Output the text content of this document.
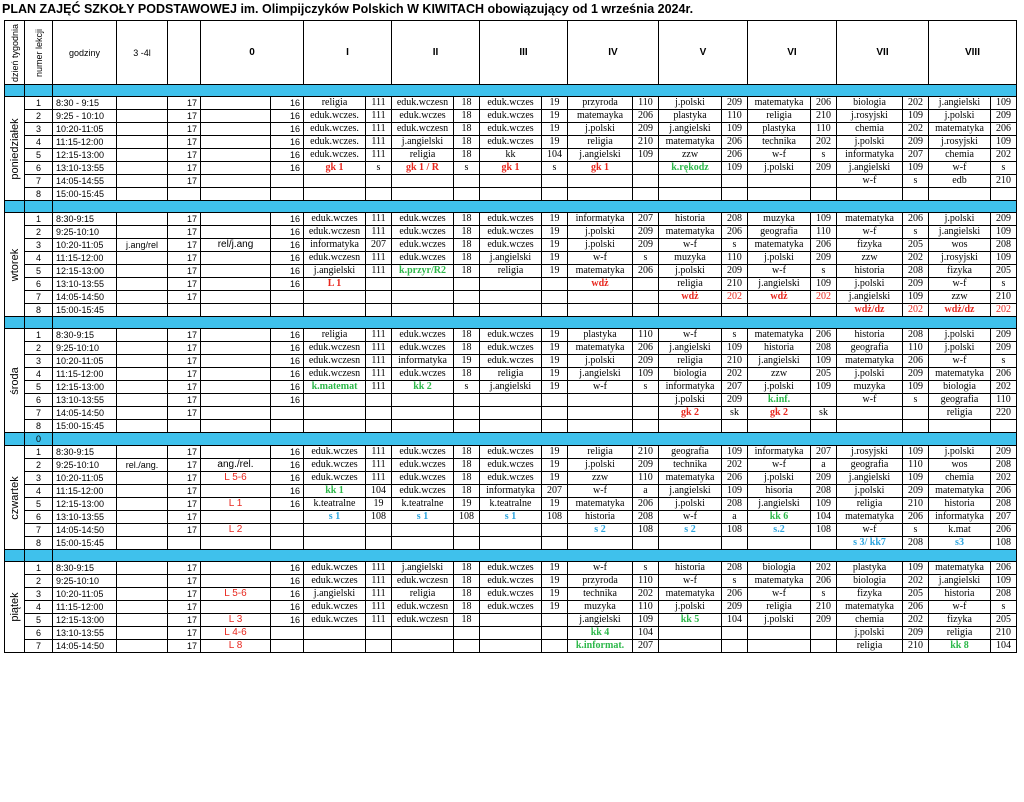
PLAN ZAJĘĆ SZKOŁY PODSTAWOWEJ im. Olimpijczyków Polskich W KIWITACH obowiązujący od 1 września 2024r.
dzień tygodnia	numer lekcji	godziny	3 -4l		0		I		II		III		IV		V		VI		VII		VIII	

poniedziałek	1	8:30 - 9:15		17		16	religia	111	eduk.wczesn	18	eduk.wczes	19	przyroda	110	j.polski	209	matematyka	206	biologia	202	j.angielski	109
	2	9:25 - 10:10		17		16	eduk.wczes.	111	eduk.wczes	18	eduk.wczes	19	matemayka	206	plastyka	110	religia	210	j.rosyjski	109	j.polski	209
	3	10:20-11:05		17		16	eduk.wczes.	111	eduk.wczesn	18	eduk.wczes	19	j.polski	209	j.angielski	109	plastyka	110	chemia	202	matematyka	206
	4	11:15-12:00		17		16	eduk.wczes.	111	j.angielski	18	eduk.wczes	19	religia	210	matematyka	206	technika	202	j.polski	209	j.rosyjski	109
	5	12:15-13:00		17		16	eduk.wczes.	111	religia	18	kk	104	j.angielski	109	zzw	206	w-f	s	informatyka	207	chemia	202
	6	13:10-13:55		17		16	gk 1	s	gk 1 / R	s	gk 1	s	gk 1		k.rękodz	109	j.polski	209	j.angielski	109	w-f	s
	7	14:05-14:55		17															w-f	s	edb	210
	8	15:00-15:45																				

wtorek	1	8:30-9:15		17		16	eduk.wczes	111	eduk.wczes	18	eduk.wczes	19	informatyka	207	historia	208	muzyka	109	matematyka	206	j.polski	209
	2	9:25-10:10		17		16	eduk.wczesn	111	eduk.wczes	18	eduk.wczes	19	j.polski	209	matematyka	206	geografia	110	w-f	s	j.angielski	109
	3	10:20-11:05	j.ang/rel	17	rel/j.ang	16	informatyka	207	eduk.wczes	18	eduk.wczes	19	j.polski	209	w-f	s	matematyka	206	fizyka	205	wos	208
	4	11:15-12:00		17		16	eduk.wczesn	111	eduk.wczes	18	j.angielski	19	w-f	s	muzyka	110	j.polski	209	zzw	202	j.rosyjski	109
	5	12:15-13:00		17		16	j.angielski	111	k.przyr/R2	18	religia	19	matematyka	206	j.polski	209	w-f	s	historia	208	fizyka	205
	6	13:10-13:55		17		16	L 1						wdż		religia	210	j.angielski	109	j.polski	209	w-f	s
	7	14:05-14:50		17											wdż	202	wdż	202	j.angielski	109	zzw	210
	8	15:00-15:45																	wdż/dz	202	wdż/dz	202

środa	1	8:30-9:15		17		16	religia	111	eduk.wczes	18	eduk.wczes	19	plastyka	110	w-f	s	matematyka	206	historia	208	j.polski	209
	2	9:25-10:10		17		16	eduk.wczesn	111	eduk.wczes	18	eduk.wczes	19	matematyka	206	j.angielski	109	historia	208	geografia	110	j.polski	209
	3	10:20-11:05		17		16	eduk.wczesn	111	informatyka	19	eduk.wczes	19	j.polski	209	religia	210	j.angielski	109	matematyka	206	w-f	s
	4	11:15-12:00		17		16	eduk.wczesn	111	eduk.wczes	18	religia	19	j.angielski	109	biologia	202	zzw	205	j.polski	209	matematyka	206
	5	12:15-13:00		17		16	k.matemat	111	kk 2	s	j.angielski	19	w-f	s	informatyka	207	j.polski	109	muzyka	109	biologia	202
	6	13:10-13:55		17		16									j.polski	209	k.inf.		w-f	s	geografia	110
	7	14:05-14:50		17											gk 2	sk	gk 2	sk			religia	220
	8	15:00-15:45																				
	0																					

czwartek	1	8:30-9:15		17		16	eduk.wczes	111	eduk.wczes	18	eduk.wczes	19	religia	210	geografia	109	informatyka	207	j.rosyjski	109	j.polski	209
	2	9:25-10:10	rel./ang.	17	ang./rel.	16	eduk.wczes	111	eduk.wczes	18	eduk.wczes	19	j.polski	209	technika	202	w-f	a	geografia	110	wos	208
	3	10:20-11:05		17	L 5-6	16	eduk.wczes	111	eduk.wczes	18	eduk.wczes	19	zzw	110	matematyka	206	j.polski	209	j.angielski	109	chemia	202
	4	11:15-12:00		17		16	kk 1	104	eduk.wczes	18	informatyka	207	w-f	a	j.angielski	109	hisoria	208	j.polski	209	matematyka	206
	5	12:15-13:00		17	L 1	16	k.teatralne	19	k.teatralne	19	k.teatralne	19	matematyka	206	j.polski	208	j.angielski	109	religia	210	historia	208
	6	13:10-13:55		17			s 1	108	s 1	108	s 1	108	historia	208	w-f	a	kk 6	104	matematyka	206	informatyka	207
	7	14:05-14:50		17	L 2								s 2	108	s 2	108	s.2	108	w-f	s	k.mat	206
	8	15:00-15:45																	s 3/ kk7	208	s3	108

piątek	1	8:30-9:15		17		16	eduk.wczes	111	j.angielski	18	eduk.wczes	19	w-f	s	historia	208	biologia	202	plastyka	109	matematyka	206
	2	9:25-10:10		17		16	eduk.wczes	111	eduk.wczesn	18	eduk.wczes	19	przyroda	110	w-f	s	matematyka	206	biologia	202	j.angielski	109
	3	10:20-11:05		17	L 5-6	16	j.angielski	111	religia	18	eduk.wczes	19	technika	202	matematyka	206	w-f	s	fizyka	205	historia	208
	4	11:15-12:00		17		16	eduk.wczes	111	eduk.wczesn	18	eduk.wczes	19	muzyka	110	j.polski	209	religia	210	matematyka	206	w-f	s
	5	12:15-13:00		17	L 3	16	eduk.wczes	111	eduk.wczesn	18			j.angielski	109	kk 5	104	j.polski	209	chemia	202	fizyka	205
	6	13:10-13:55		17	L 4-6								kk 4	104					j.polski	209	religia	210
	7	14:05-14:50		17	L 8								k.informat.	207					religia	210	kk 8	104
